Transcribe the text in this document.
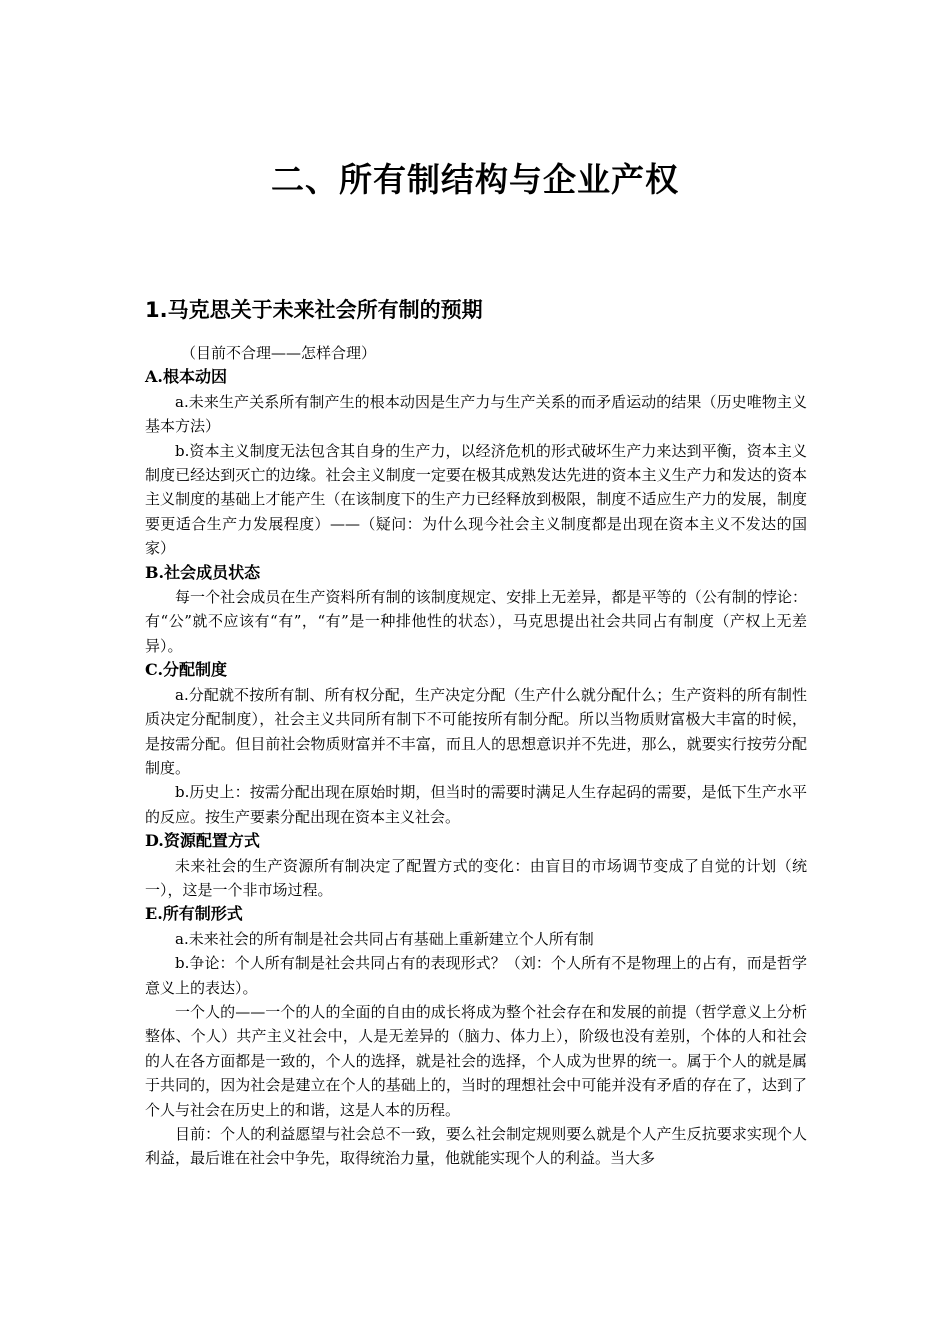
二、所有制结构与企业产权
1.马克思关于未来社会所有制的预期

（目前不合理——怎样合理）

A.根本动因

a.未来生产关系所有制产生的根本动因是生产力与生产关系的而矛盾运动的结果（历史唯物主义基本方法）

b.资本主义制度无法包含其自身的生产力，以经济危机的形式破坏生产力来达到平衡，资本主义制度已经达到灭亡的边缘。社会主义制度一定要在极其成熟发达先进的资本主义生产力和发达的资本主义制度的基础上才能产生（在该制度下的生产力已经释放到极限，制度不适应生产力的发展，制度要更适合生产力发展程度）——（疑问：为什么现今社会主义制度都是出现在资本主义不发达的国家）

B.社会成员状态

每一个社会成员在生产资料所有制的该制度规定、安排上无差异，都是平等的（公有制的悖论：有“公”就不应该有“有”，“有”是一种排他性的状态），马克思提出社会共同占有制度（产权上无差异）。

C.分配制度

a.分配就不按所有制、所有权分配，生产决定分配（生产什么就分配什么；生产资料的所有制性质决定分配制度），社会主义共同所有制下不可能按所有制分配。所以当物质财富极大丰富的时候，是按需分配。但目前社会物质财富并不丰富，而且人的思想意识并不先进，那么，就要实行按劳分配制度。

b.历史上：按需分配出现在原始时期，但当时的需要时满足人生存起码的需要，是低下生产水平的反应。按生产要素分配出现在资本主义社会。

D.资源配置方式

未来社会的生产资源所有制决定了配置方式的变化：由盲目的市场调节变成了自觉的计划（统一），这是一个非市场过程。

E.所有制形式

a.未来社会的所有制是社会共同占有基础上重新建立个人所有制

b.争论：个人所有制是社会共同占有的表现形式？（刘：个人所有不是物理上的占有，而是哲学意义上的表达）。

一个人的——一个的人的全面的自由的成长将成为整个社会存在和发展的前提（哲学意义上分析整体、个人）共产主义社会中，人是无差异的（脑力、体力上），阶级也没有差别，个体的人和社会的人在各方面都是一致的，个人的选择，就是社会的选择，个人成为世界的统一。属于个人的就是属于共同的，因为社会是建立在个人的基础上的，当时的理想社会中可能并没有矛盾的存在了，达到了个人与社会在历史上的和谐，这是人本的历程。

目前：个人的利益愿望与社会总不一致，要么社会制定规则要么就是个人产生反抗要求实现个人利益，最后谁在社会中争先，取得统治力量，他就能实现个人的利益。当大多
